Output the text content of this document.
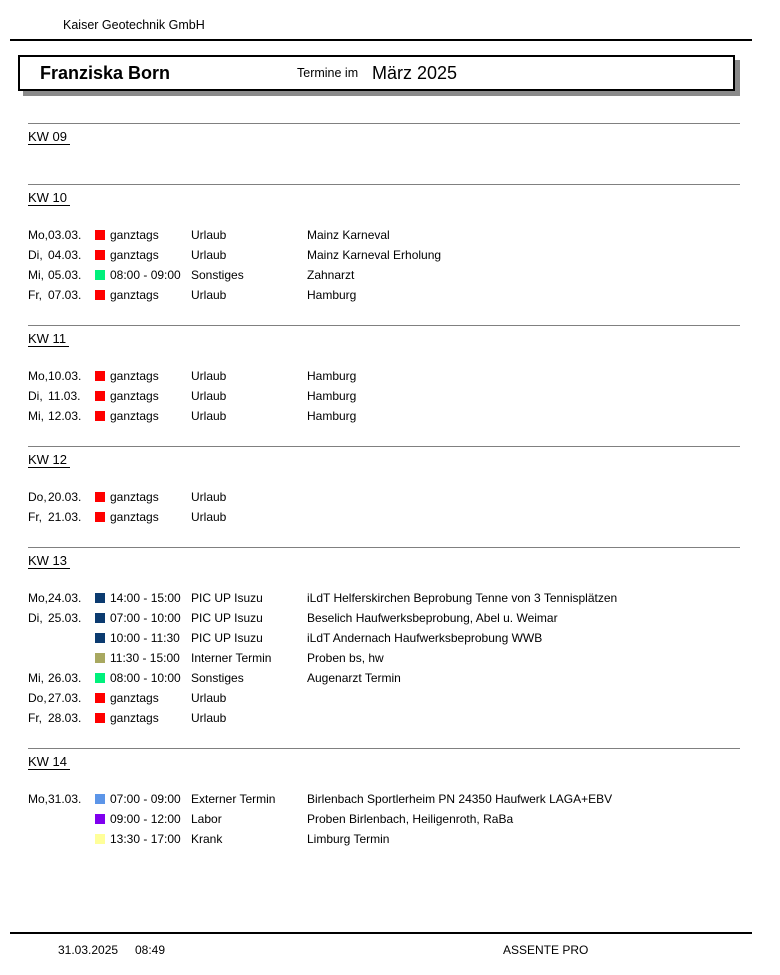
Kaiser Geotechnik GmbH
Franziska Born	Termine im März 2025
KW 09
KW 10
Mo, 03.03. ganztags	Urlaub	Mainz Karneval
Di, 04.03. ganztags	Urlaub	Mainz Karneval Erholung
Mi, 05.03. 08:00 - 09:00 Sonstiges	Zahnarzt
Fr, 07.03. ganztags	Urlaub	Hamburg
KW 11
Mo, 10.03. ganztags	Urlaub	Hamburg
Di, 11.03. ganztags	Urlaub	Hamburg
Mi, 12.03. ganztags	Urlaub	Hamburg
KW 12
Do, 20.03. ganztags	Urlaub
Fr, 21.03. ganztags	Urlaub
KW 13
Mo, 24.03. 14:00 - 15:00 PIC UP Isuzu	iLdT Helferskirchen Beprobung Tenne von 3 Tennisplätzen
Di, 25.03. 07:00 - 10:00 PIC UP Isuzu	Beselich Haufwerksbeprobung, Abel u. Weimar
10:00 - 11:30 PIC UP Isuzu	iLdT Andernach Haufwerksbeprobung WWB
11:30 - 15:00 Interner Termin	Proben bs, hw
Mi, 26.03. 08:00 - 10:00 Sonstiges	Augenarzt Termin
Do, 27.03. ganztags	Urlaub
Fr, 28.03. ganztags	Urlaub
KW 14
Mo, 31.03. 07:00 - 09:00 Externer Termin	Birlenbach Sportlerheim PN 24350 Haufwerk LAGA+EBV
09:00 - 12:00 Labor	Proben Birlenbach, Heiligenroth, RaBa
13:30 - 17:00 Krank	Limburg Termin
31.03.2025 08:49	ASSENTE PRO
